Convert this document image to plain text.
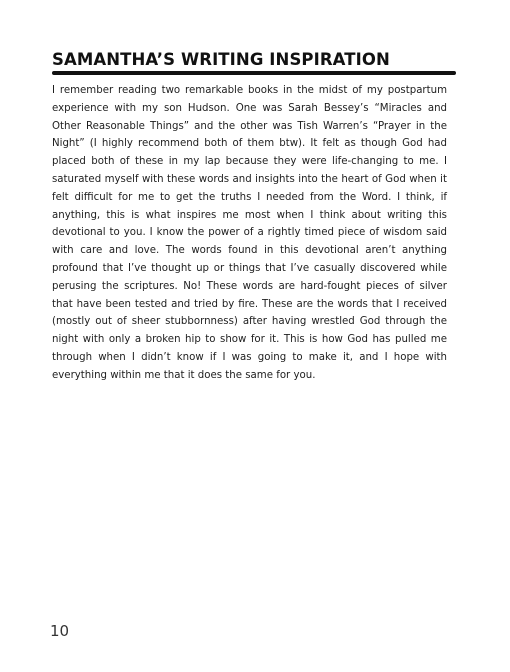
SAMANTHA’S WRITING INSPIRATION

I remember reading two remarkable books in the midst of my postpartum experience with my son Hudson. One was Sarah Bessey’s “Miracles and Other Reasonable Things” and the other was Tish Warren’s “Prayer in the Night” (I highly recommend both of them btw). It felt as though God had placed both of these in my lap because they were life-changing to me. I saturated myself with these words and insights into the heart of God when it felt difficult for me to get the truths I needed from the Word. I think, if anything, this is what inspires me most when I think about writing this devotional to you. I know the power of a rightly timed piece of wisdom said with care and love. The words found in this devotional aren’t anything profound that I’ve thought up or things that I’ve casually discovered while perusing the scriptures. No! These words are hard-fought pieces of silver that have been tested and tried by fire. These are the words that I received (mostly out of sheer stubbornness) after having wrestled God through the night with only a broken hip to show for it. This is how God has pulled me through when I didn’t know if I was going to make it, and I hope with everything within me that it does the same for you.

10
